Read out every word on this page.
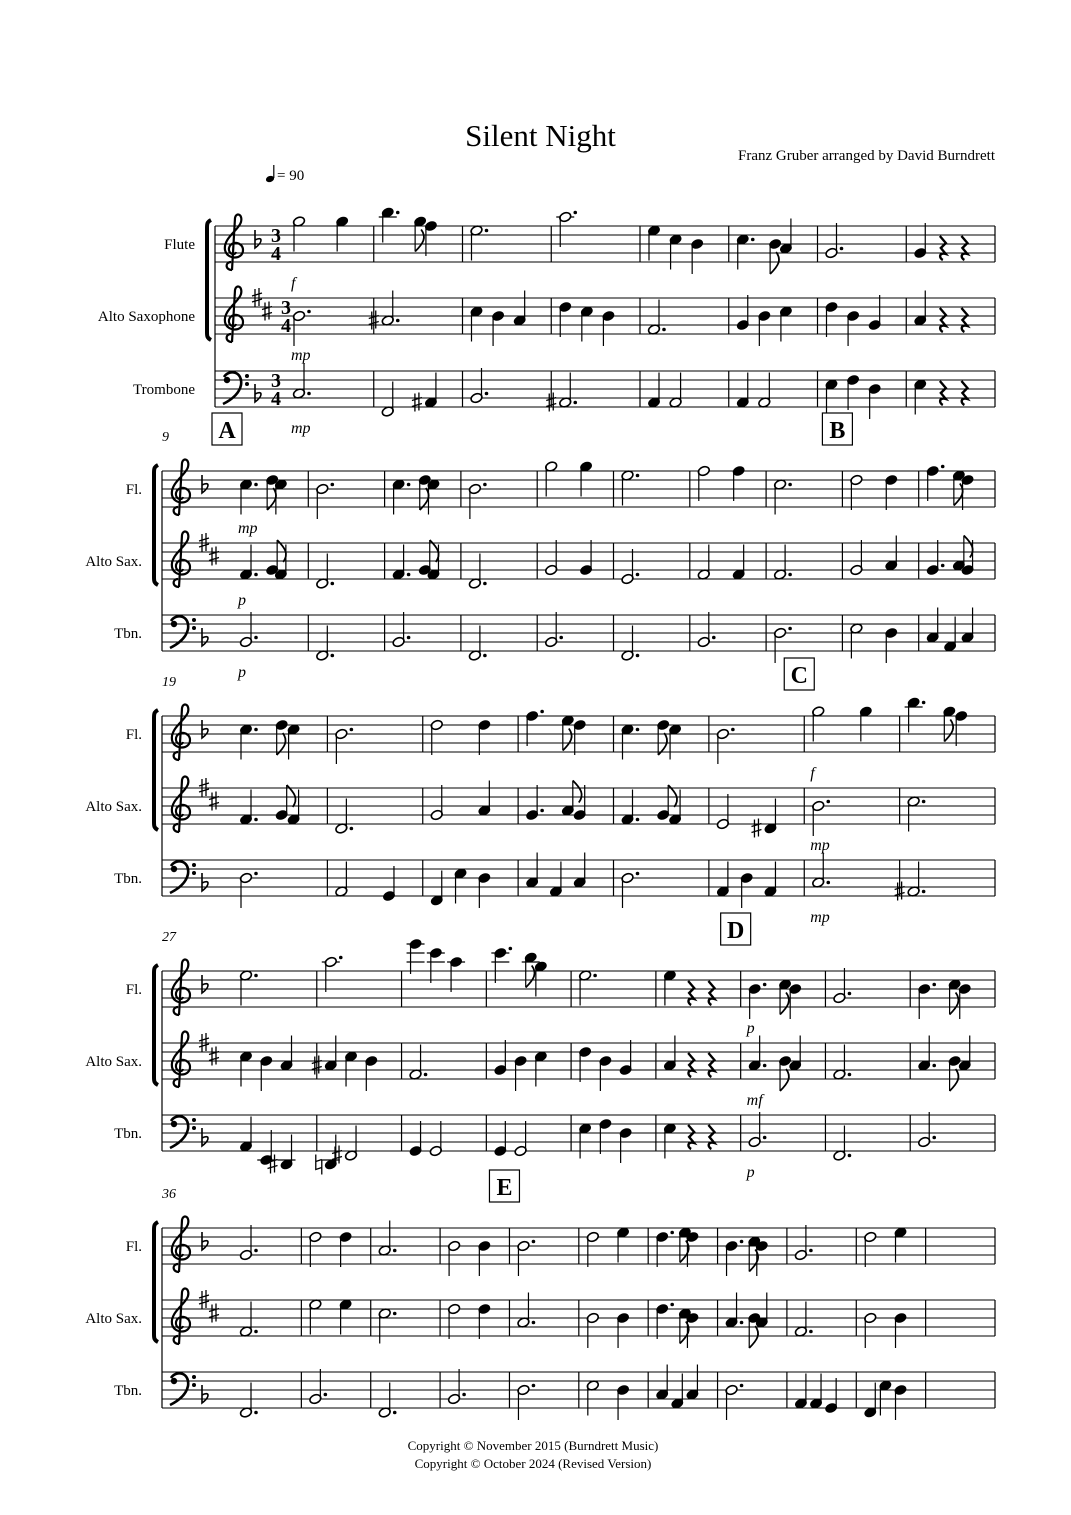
Silent Night
Franz Gruber arranged by David Burndrett
= 90
Flute	3
4
Alto Saxophone	3
4
Trombone	3
4
f
mp
mp
9
Fl.
Alto Sax.
Tbn.
mp
p
p
A	B
19
Fl.
Alto Sax.
Tbn.
f
mp
mp
C
27
Fl.
Alto Sax.
Tbn.
p
mf
p
D
36
Fl.
Alto Sax.
Tbn.
E
Copyright © November 2015 (Burndrett Music)
Copyright © October 2024 (Revised Version)
